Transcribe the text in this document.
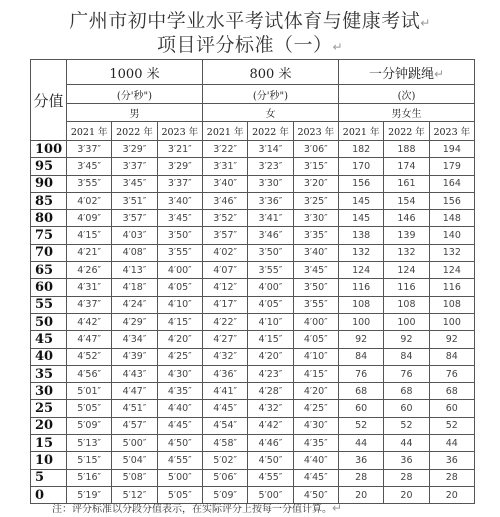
广州市初中学业水平考试体育与健康考试↵
项目评分标准（一）↵
分值	1000 米			800 米			一分钟跳绳↵		
	(分'秒")			(分'秒")			(次)		
	男			女			男女生		
	2021 年	2022 年	2023 年	2021 年	2022 年	2023 年	2021 年	2022 年	2023 年
100	3′37″	3′29″	3′21″	3′22″	3′14″	3′06″	182	188	194
95	3′45″	3′37″	3′29″	3′31″	3′23″	3′15″	170	174	179
90	3′55″	3′45″	3′37″	3′40″	3′30″	3′20″	156	161	164
85	4′02″	3′51″	3′40″	3′46″	3′36″	3′25″	145	154	156
80	4′09″	3′57″	3′45″	3′52″	3′41″	3′30″	145	146	148
75	4′15″	4′03″	3′50″	3′57″	3′46″	3′35″	138	139	140
70	4′21″	4′08″	3′55″	4′02″	3′50″	3′40″	132	132	132
65	4′26″	4′13″	4′00″	4′07″	3′55″	3′45″	124	124	124
60	4′31″	4′18″	4′05″	4′12″	4′00″	3′50″	116	116	116
55	4′37″	4′24″	4′10″	4′17″	4′05″	3′55″	108	108	108
50	4′42″	4′29″	4′15″	4′22″	4′10″	4′00″	100	100	100
45	4′47″	4′34″	4′20″	4′27″	4′15″	4′05″	92	92	92
40	4′52″	4′39″	4′25″	4′32″	4′20″	4′10″	84	84	84
35	4′56″	4′43″	4′30″	4′36″	4′23″	4′15″	76	76	76
30	5′01″	4′47″	4′35″	4′41″	4′28″	4′20″	68	68	68
25	5′05″	4′51″	4′40″	4′45″	4′32″	4′25″	60	60	60
20	5′09″	4′57″	4′45″	4′54″	4′42″	4′30″	52	52	52
15	5′13″	5′00″	4′50″	4′58″	4′46″	4′35″	44	44	44
10	5′15″	5′04″	4′55″	5′02″	4′50″	4′40″	36	36	36
5	5′16″	5′08″	5′00″	5′06″	4′55″	4′45″	28	28	28
0	5′19″	5′12″	5′05″	5′09″	5′00″	4′50″	20	20	20
注：评分标准以分段分值表示，在实际评分上按每一分值计算。↵
